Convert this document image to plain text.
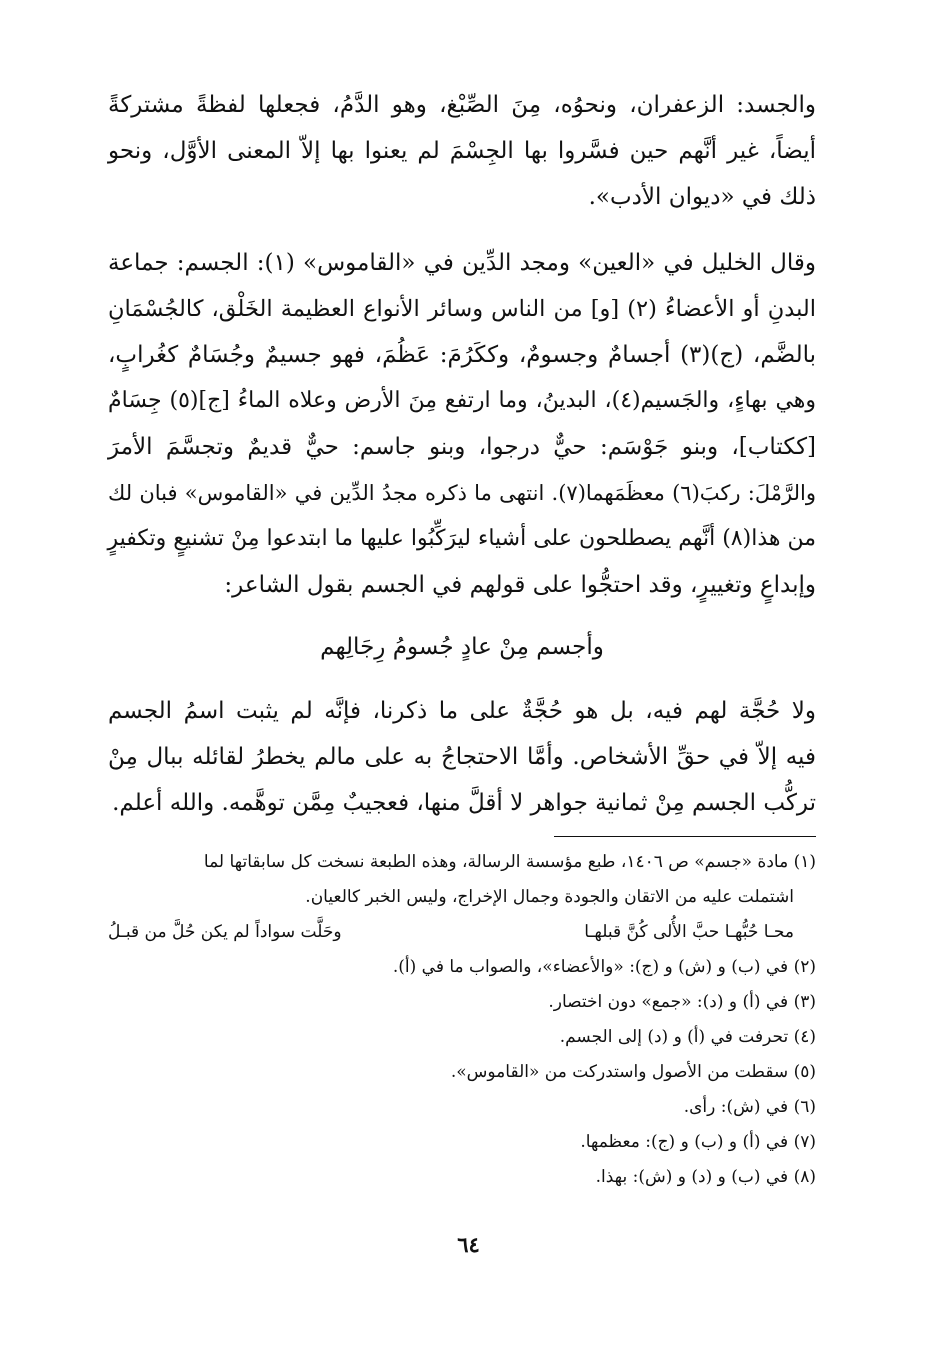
والجسد: الزعفران، ونحوُه، مِنَ الصِّبْغ، وهو الدَّمُ، فجعلها لفظةً مشتركةً
أيضاً، غير أنَّهم حين فسَّروا بها الجِسْمَ لم يعنوا بها إلاّ المعنى الأوَّل، ونحو
ذلك في «ديوان الأدب».

وقال الخليل في «العين» ومجد الدِّين في «القاموس» (١): الجسم: جماعة
البدنِ أو الأعضاءُ (٢) [و] من الناس وسائر الأنواع العظيمة الخَلْق، كالجُسْمَانِ
بالضَّم، (ج)(٣) أجسامٌ وجسومٌ، وككَرُمَ: عَظُمَ، فهو جسيمٌ وجُسَامٌ كغُرابٍ،
وهي بهاءٍ، والجَسيم(٤)، البدينُ، وما ارتفع مِنَ الأرض وعلاه الماءُ [ج](٥) جِسَامٌ
[ككتاب]، وبنو جَوْسَم: حيٌّ درجوا، وبنو جاسم: حيٌّ قديمٌ وتجسَّمَ الأمرَ
والرَّمْلَ: ركبَ(٦) معظَمَهما(٧). انتهى ما ذكره مجدُ الدِّين في «القاموس» فبان لك
من هذا(٨) أنَّهم يصطلحون على أشياء ليرَكِّبُوا عليها ما ابتدعوا مِنْ تشنيعٍ وتكفيرٍ
وإبداعٍ وتغييرٍ، وقد احتجُّوا على قولهم في الجسم بقول الشاعر:

وأجسم مِنْ عادٍ جُسومُ رِجَالِهم

ولا حُجَّة لهم فيه، بل هو حُجَّةٌ على ما ذكرنا، فإنَّه لم يثبت اسمُ الجسم
فيه إلاّ في حقِّ الأشخاص. وأمَّا الاحتجاجُ به على مالم يخطرُ لقائله ببال مِنْ
تركُّب الجسم مِنْ ثمانية جواهر لا أقلَّ منها، فعجيبٌ مِمَّن توهَّمه. والله أعلم.

(١) مادة «جسم» ص ١٤٠٦، طبع مؤسسة الرسالة، وهذه الطبعة نسخت كل سابقاتها لما
اشتملت عليه من الاتقان والجودة وجمال الإخراج، وليس الخبر كالعيان.
محـا حُبُّهـا حبَّ الأُلى كُنَّ قبلهـا
وحَلَّت سواداً لم يكن حُلَّ من قبـلُ
(٢) في (ب) و (ش) و (ج): «والأعضاء»، والصواب ما في (أ).
(٣) في (أ) و (د): «جمع» دون اختصار.
(٤) تحرفت في (أ) و (د) إلى الجسم.
(٥) سقطت من الأصول واستدركت من «القاموس».
(٦) في (ش): رأى.
(٧) في (أ) و (ب) و (ج): معظمها.
(٨) في (ب) و (د) و (ش): بهذا.
٦٤
